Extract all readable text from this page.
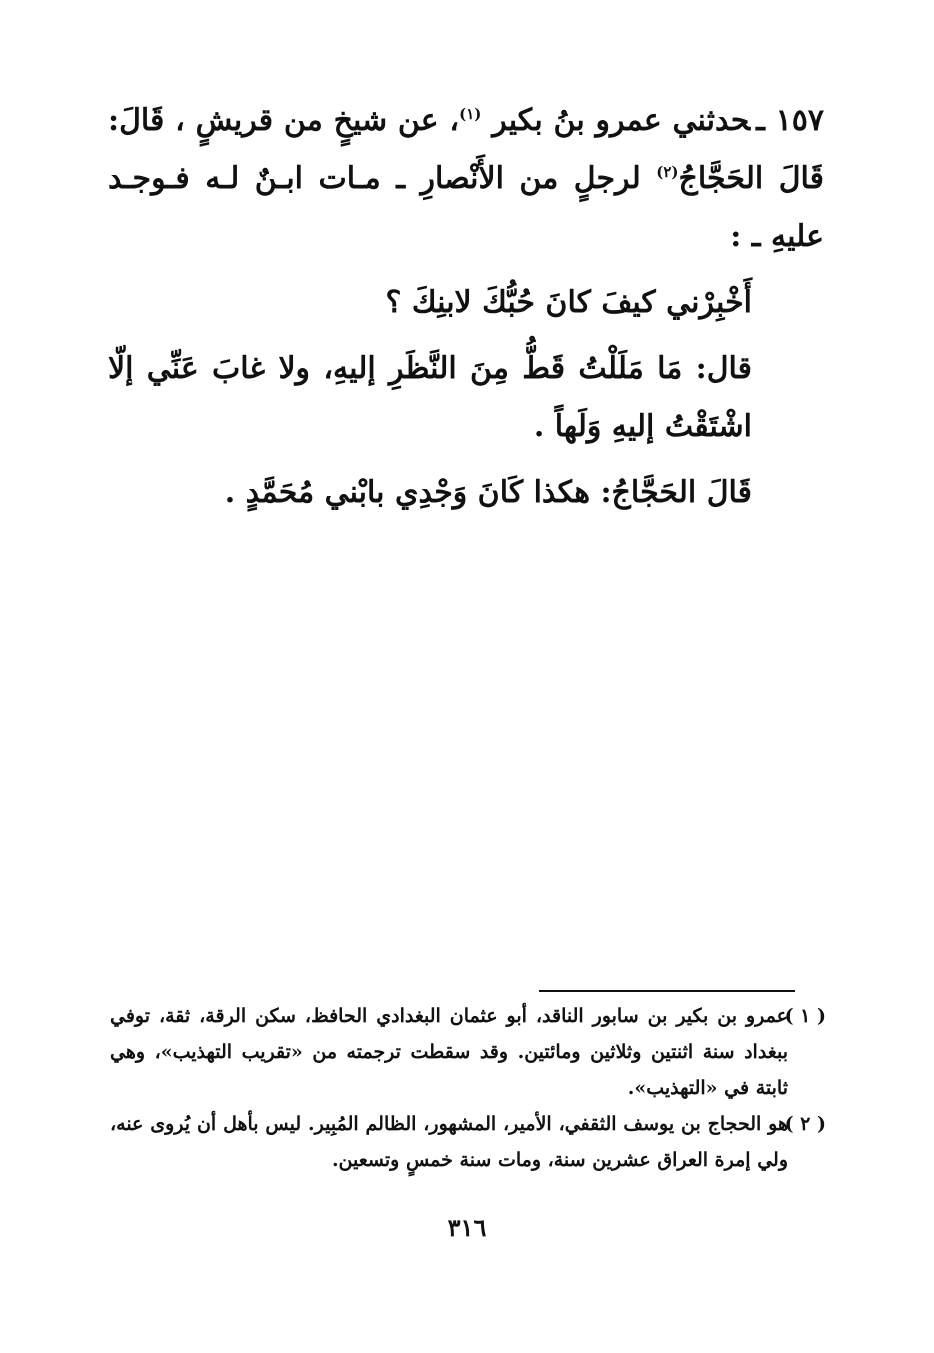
١٥٧ ـحدثني عمرو بنُ بكير $^{(١)}$، عن شيخٍ من قريشٍ ، قَالَ: قَالَ الحَجَّاجُ$^{(٢)}$ لرجلٍ من الأَنْصارِ ـ مـات ابـنٌ لـه فـوجـد عليهِ ـ :

أَخْبِرْني كيفَ كانَ حُبُّكَ لابنِكَ ؟

قال: مَا مَلَلْتُ قَطُّ مِنَ النَّظَرِ إليهِ، ولا غابَ عَنِّي إلّا اشْتَقْتُ إليهِ وَلَهاً .

قَالَ الحَجَّاجُ: هكذا كَانَ وَجْدِي بابْني مُحَمَّدٍ .

( ١ )
عمرو بن بكير بن سابور الناقد، أبو عثمان البغدادي الحافظ، سكن الرقة، ثقة، توفي ببغداد سنة اثنتين وثلاثين ومائتين. وقد سقطت ترجمته من «تقريب التهذيب»، وهي ثابتة في «التهذيب».

( ٢ )
هو الحجاج بن يوسف الثقفي، الأمير، المشهور، الظالم المُبِير. ليس بأهل أن يُروى عنه، ولي إمرة العراق عشرين سنة، ومات سنة خمسٍ وتسعين.

٣١٦
